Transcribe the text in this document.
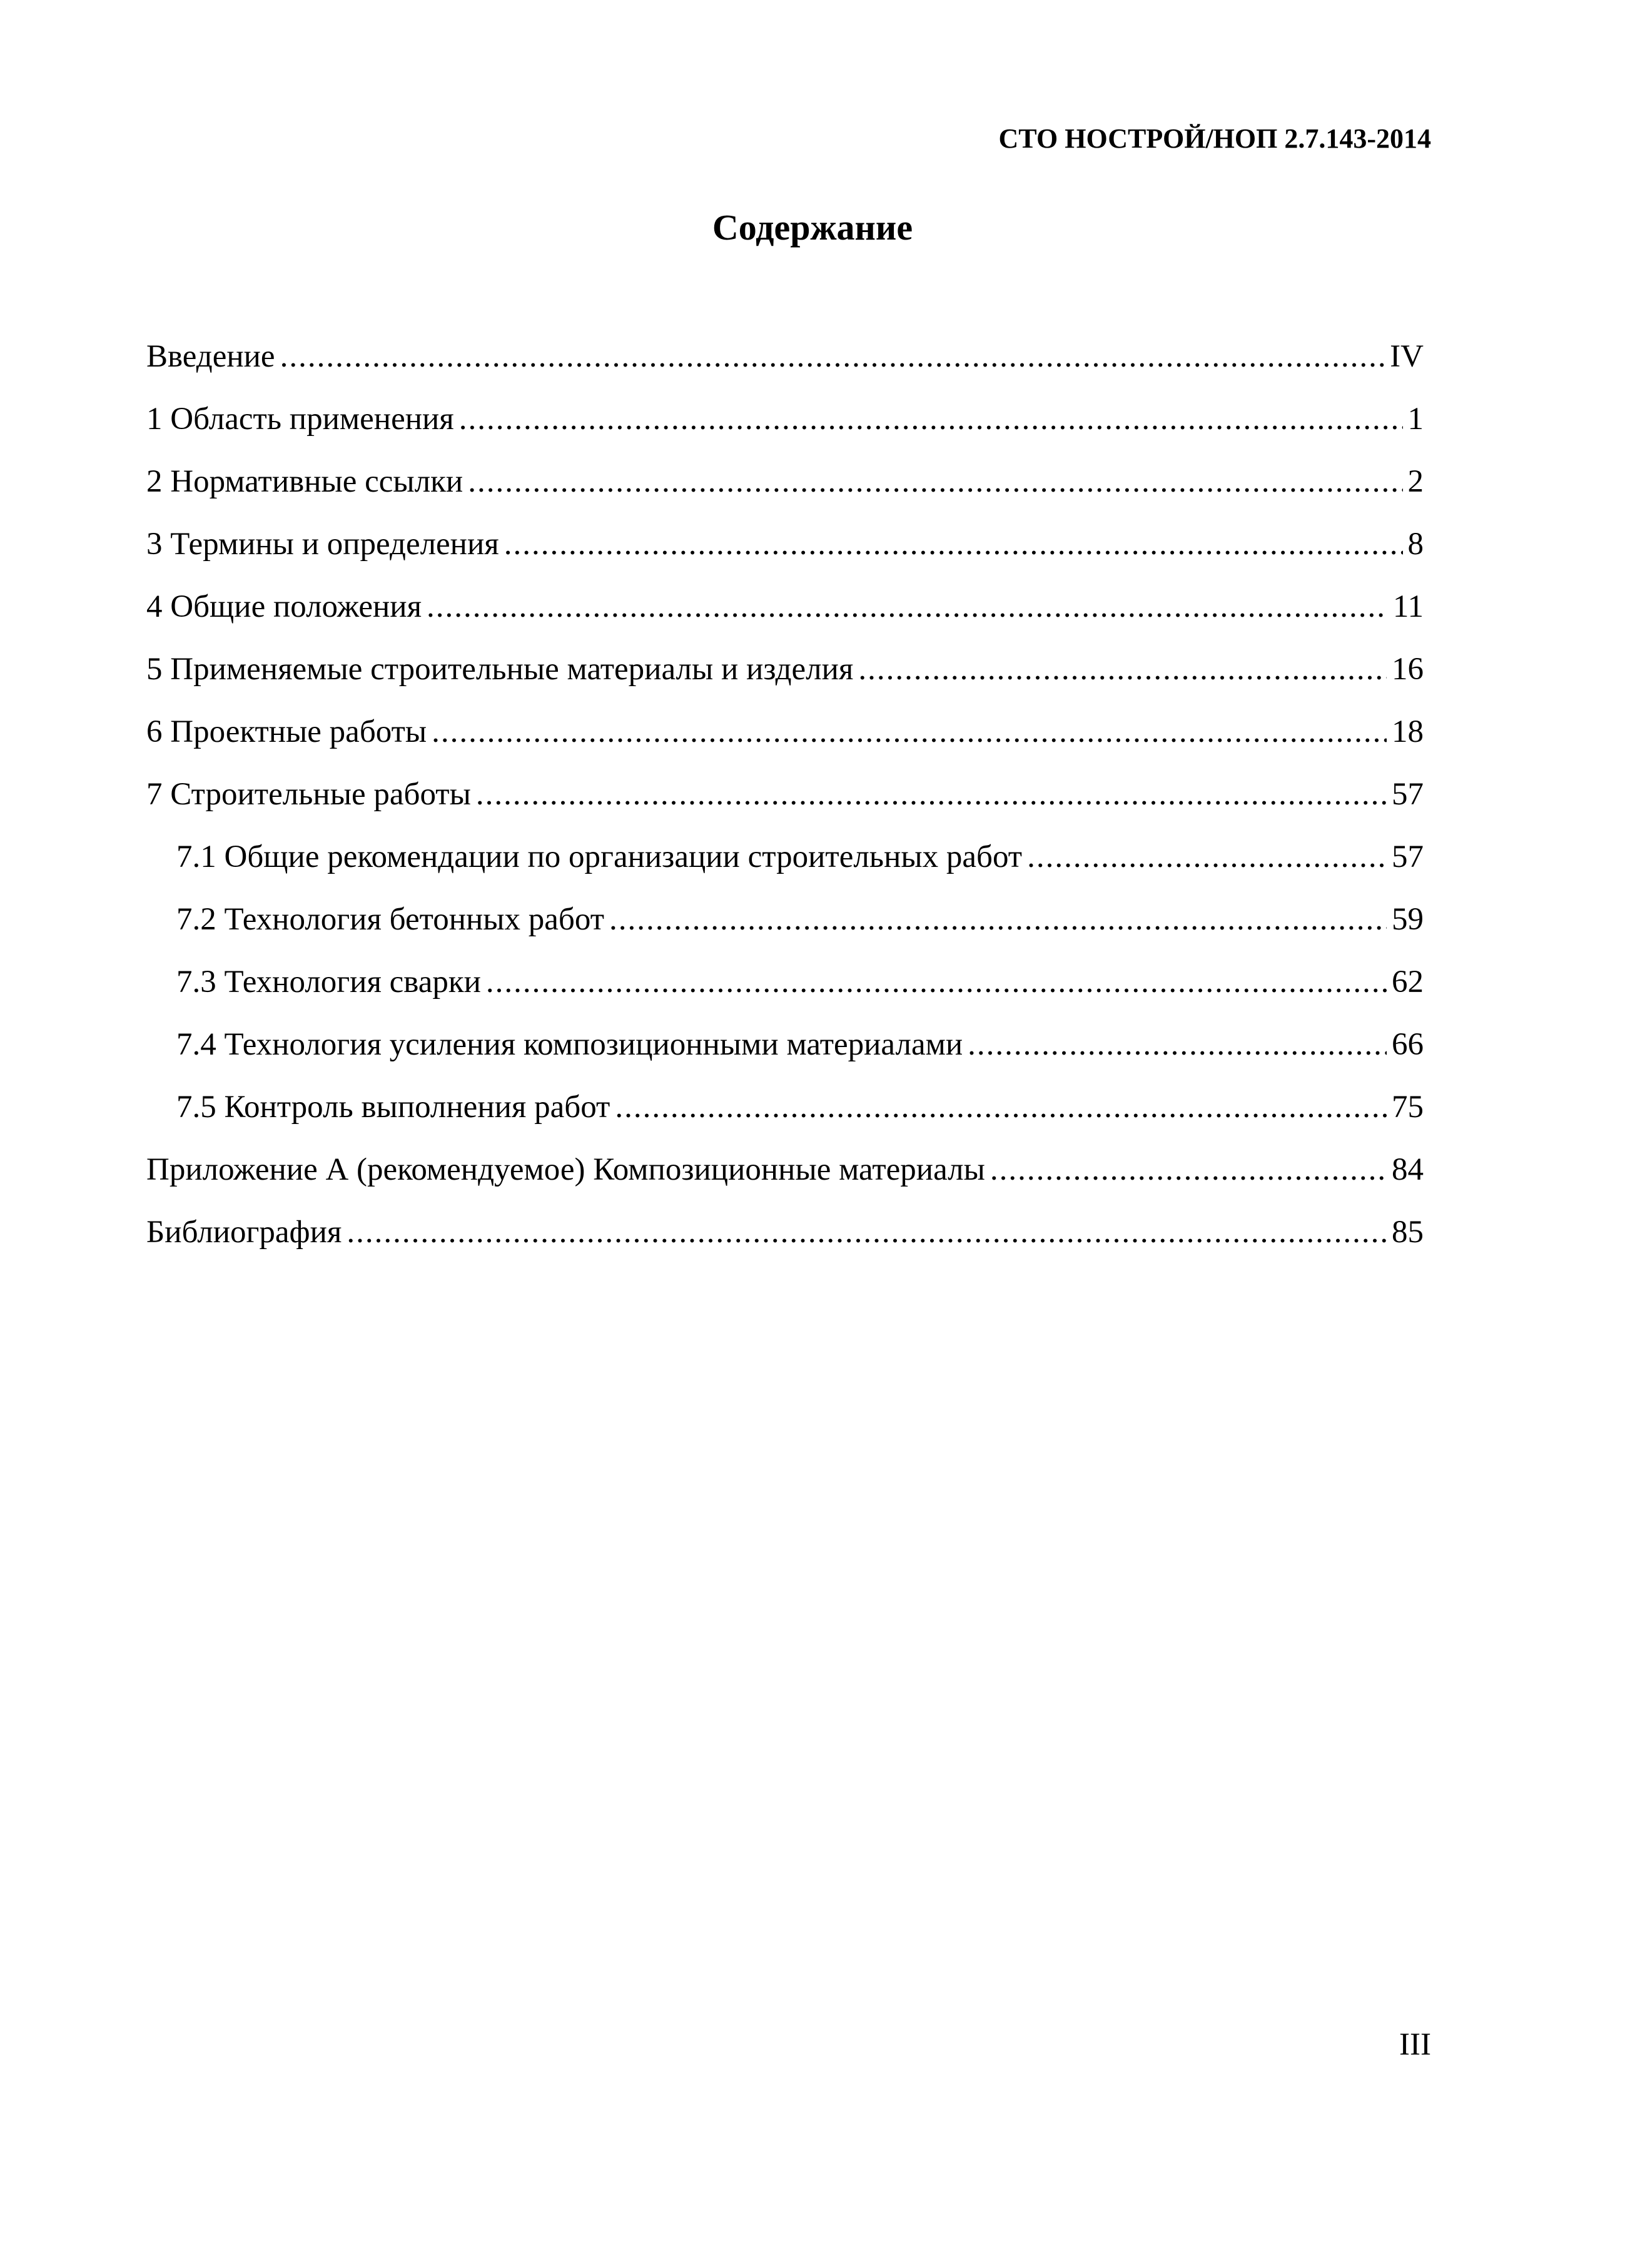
СТО НОСТРОЙ/НОП 2.7.143-2014
Содержание
Введение .....	IV
1 Область применения .....	1
2 Нормативные ссылки .....	2
3 Термины и определения .....	8
4 Общие положения .....	11
5 Применяемые строительные материалы и изделия .....	16
6 Проектные работы .....	18
7 Строительные работы .....	57
7.1 Общие рекомендации по организации строительных работ .....	57
7.2 Технология бетонных работ .....	59
7.3 Технология сварки .....	62
7.4 Технология усиления композиционными материалами .....	66
7.5 Контроль выполнения работ .....	75
Приложение А (рекомендуемое) Композиционные материалы .....	84
Библиография .....	85
III
